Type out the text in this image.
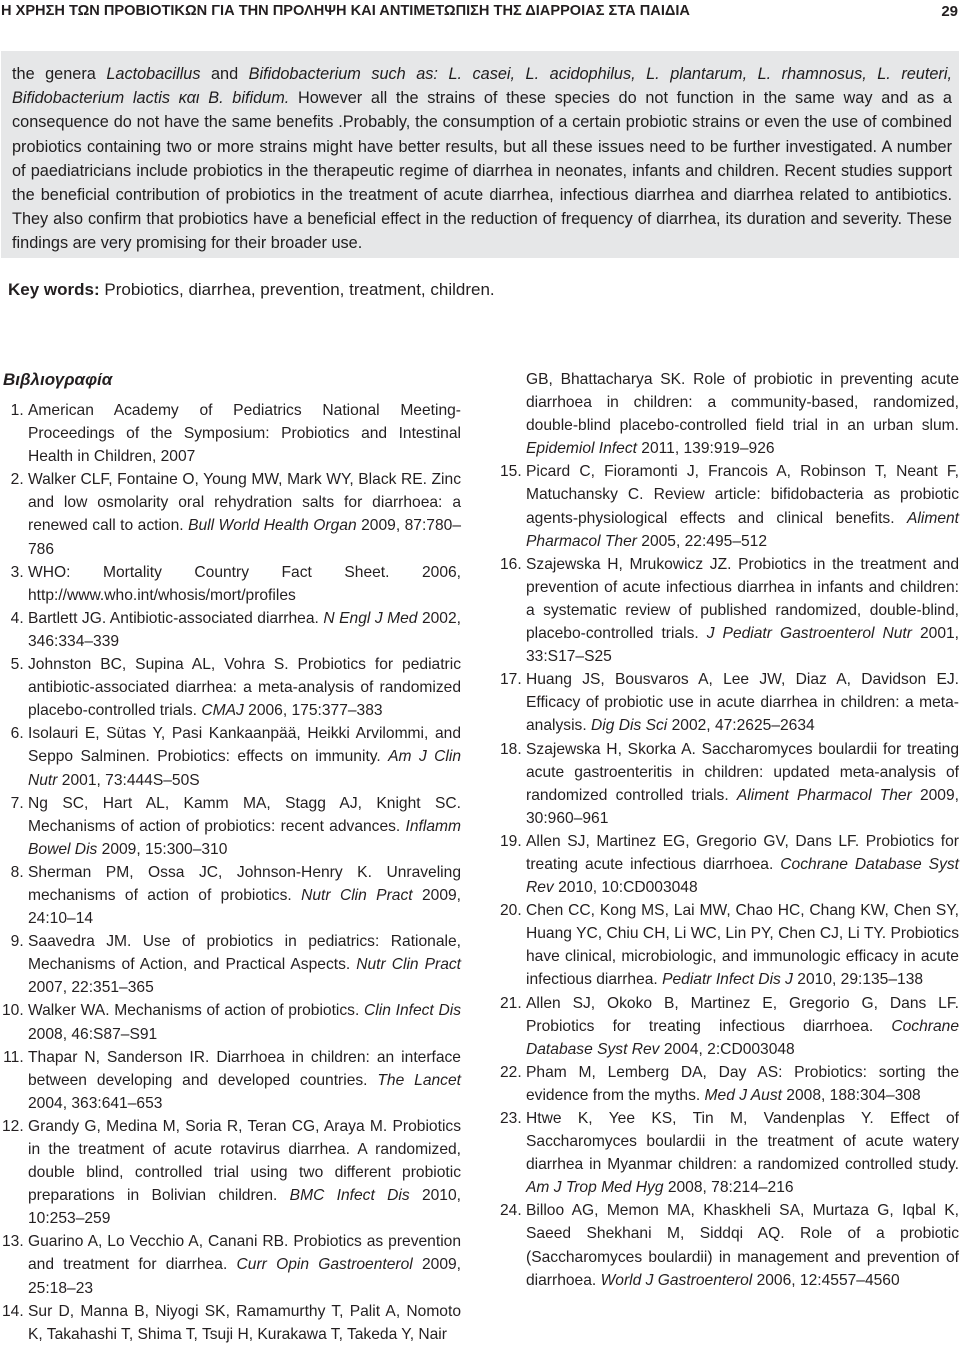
Η ΧΡΗΣΗ ΤΩΝ ΠΡΟΒΙΟΤΙΚΩΝ ΓΙΑ ΤΗΝ ΠΡΟΛΗΨΗ ΚΑΙ ΑΝΤΙΜΕΤΩΠΙΣΗ ΤΗΣ ΔΙΑΡΡΟΙΑΣ ΣΤΑ ΠΑΙΔΙΑ	29

the genera Lactobacillus and Bifidobacterium such as: L. casei, L. acidophilus, L. plantarum, L. rhamnosus, L. reuteri, Bifidobacterium lactis και B. bifidum. However all the strains of these species do not function in the same way and as a consequence do not have the same benefits .Probably, the consumption of a certain probiotic strains or even the use of combined probiotics containing two or more strains might have better results, but all these issues need to be further investigated. A number of paediatricians include probiotics in the therapeutic regime of diarrhea in neonates, infants and children. Recent studies support the beneficial contribution of probiotics in the treatment of acute diarrhea, infectious diarrhea and diarrhea related to antibiotics. They also confirm that probiotics have a beneficial effect in the reduction of frequency of diarrhea, its duration and severity. These findings are very promising for their broader use.

Key words: Probiotics, diarrhea, prevention, treatment, children.

Βιβλιογραφία
1. American Academy of Pediatrics National Meeting-Proceedings of the Symposium: Probiotics and Intestinal Health in Children, 2007
2. Walker CLF, Fontaine O, Young MW, Mark WY, Black RE. Zinc and low osmolarity oral rehydration salts for diarrhoea: a renewed call to action. Bull World Health Organ 2009, 87:780–786
3. WHO: Mortality Country Fact Sheet. 2006, http://www.who.int/whosis/mort/profiles
4. Bartlett JG. Antibiotic-associated diarrhea. N Engl J Med 2002, 346:334–339
5. Johnston BC, Supina AL, Vohra S. Probiotics for pediatric antibiotic-associated diarrhea: a meta-analysis of randomized placebo-controlled trials. CMAJ 2006, 175:377–383
6. Isolauri E, Sütas Y, Pasi Kankaanpää, Heikki Arvilommi, and Seppo Salminen. Probiotics: effects on immunity. Am J Clin Nutr 2001, 73:444S–50S
7. Ng SC, Hart AL, Kamm MA, Stagg AJ, Knight SC. Mechanisms of action of probiotics: recent advances. Inflamm Bowel Dis 2009, 15:300–310
8. Sherman PM, Ossa JC, Johnson-Henry K. Unraveling mechanisms of action of probiotics. Nutr Clin Pract 2009, 24:10–14
9. Saavedra JM. Use of probiotics in pediatrics: Rationale, Mechanisms of Action, and Practical Aspects. Nutr Clin Pract 2007, 22:351–365
10. Walker WA. Mechanisms of action of probiotics. Clin Infect Dis 2008, 46:S87–S91
11. Thapar N, Sanderson IR. Diarrhoea in children: an interface between developing and developed countries. The Lancet 2004, 363:641–653
12. Grandy G, Medina M, Soria R, Teran CG, Araya M. Probiotics in the treatment of acute rotavirus diarrhea. A randomized, double blind, controlled trial using two different probiotic preparations in Bolivian children. BMC Infect Dis 2010, 10:253–259
13. Guarino A, Lo Vecchio A, Canani RB. Probiotics as prevention and treatment for diarrhea. Curr Opin Gastroenterol 2009, 25:18–23
14. Sur D, Manna B, Niyogi SK, Ramamurthy T, Palit A, Nomoto K, Takahashi T, Shima T, Tsuji H, Kurakawa T, Takeda Y, Nair
GB, Bhattacharya SK. Role of probiotic in preventing acute diarrhoea in children: a community-based, randomized, double-blind placebo-controlled field trial in an urban slum. Epidemiol Infect 2011, 139:919–926
15. Picard C, Fioramonti J, Francois A, Robinson T, Neant F, Matuchansky C. Review article: bifidobacteria as probiotic agents-physiological effects and clinical benefits. Aliment Pharmacol Ther 2005, 22:495–512
16. Szajewska H, Mrukowicz JZ. Probiotics in the treatment and prevention of acute infectious diarrhea in infants and children: a systematic review of published randomized, double-blind, placebo-controlled trials. J Pediatr Gastroenterol Nutr 2001, 33:S17–S25
17. Huang JS, Bousvaros A, Lee JW, Diaz A, Davidson EJ. Efficacy of probiotic use in acute diarrhea in children: a meta-analysis. Dig Dis Sci 2002, 47:2625–2634
18. Szajewska H, Skorka A. Saccharomyces boulardii for treating acute gastroenteritis in children: updated meta-analysis of randomized controlled trials. Aliment Pharmacol Ther 2009, 30:960–961
19. Allen SJ, Martinez EG, Gregorio GV, Dans LF. Probiotics for treating acute infectious diarrhoea. Cochrane Database Syst Rev 2010, 10:CD003048
20. Chen CC, Kong MS, Lai MW, Chao HC, Chang KW, Chen SY, Huang YC, Chiu CH, Li WC, Lin PY, Chen CJ, Li TY. Probiotics have clinical, microbiologic, and immunologic efficacy in acute infectious diarrhea. Pediatr Infect Dis J 2010, 29:135–138
21. Allen SJ, Okoko B, Martinez E, Gregorio G, Dans LF. Probiotics for treating infectious diarrhoea. Cochrane Database Syst Rev 2004, 2:CD003048
22. Pham M, Lemberg DA, Day AS: Probiotics: sorting the evidence from the myths. Med J Aust 2008, 188:304–308
23. Htwe K, Yee KS, Tin M, Vandenplas Y. Effect of Saccharomyces boulardii in the treatment of acute watery diarrhea in Myanmar children: a randomized controlled study. Am J Trop Med Hyg 2008, 78:214–216
24. Billoo AG, Memon MA, Khaskheli SA, Murtaza G, Iqbal K, Saeed Shekhani M, Siddqi AQ. Role of a probiotic (Saccharomyces boulardii) in management and prevention of diarrhoea. World J Gastroenterol 2006, 12:4557–4560
